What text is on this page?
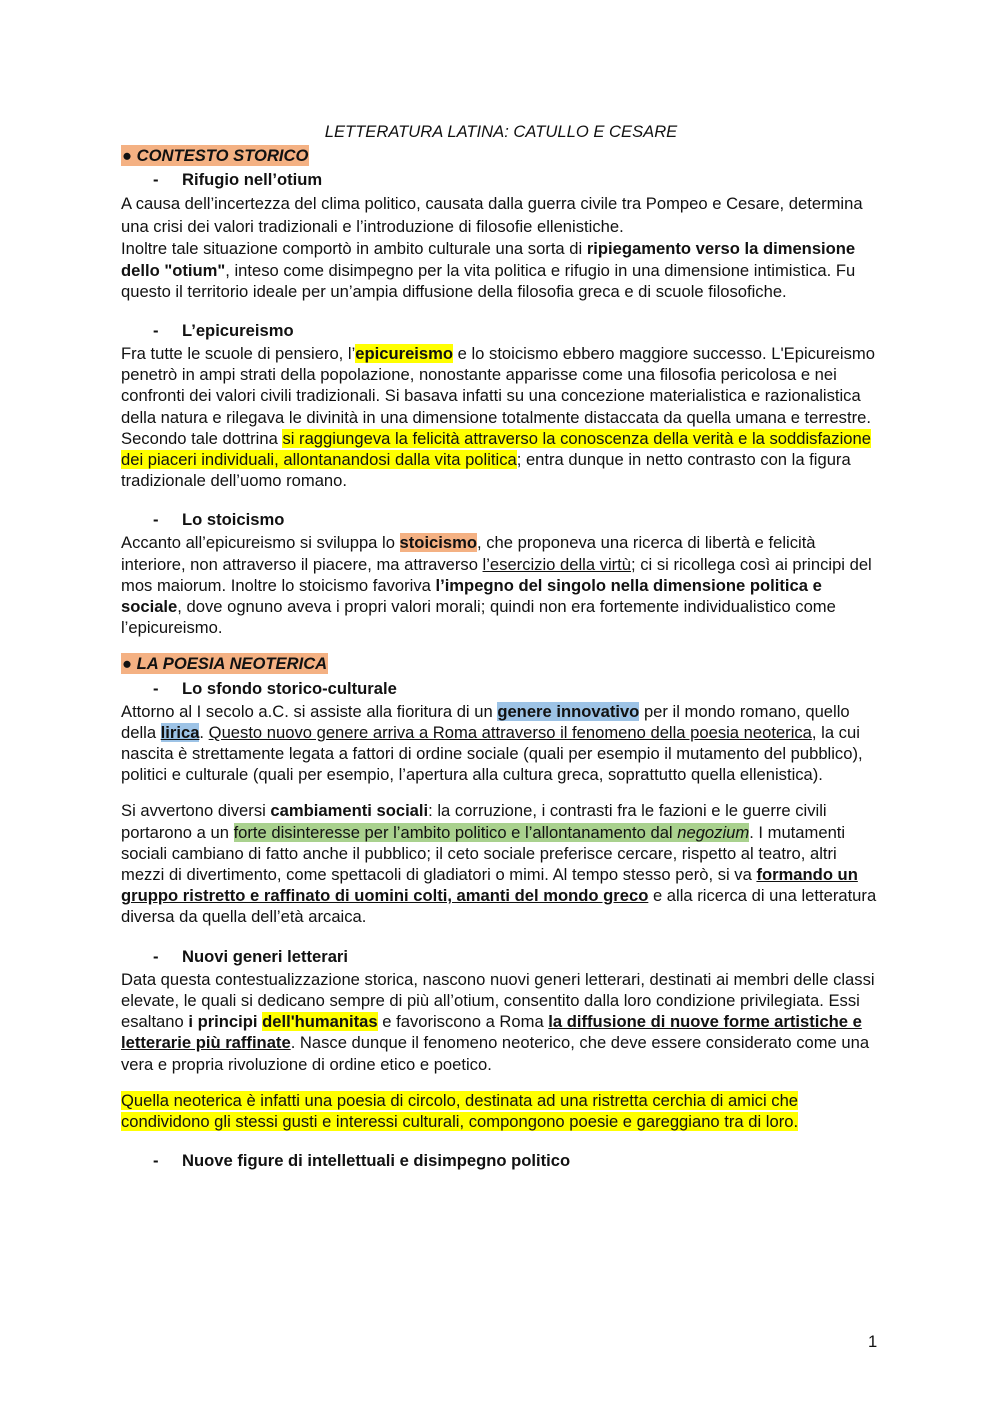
LETTERATURA LATINA: CATULLO E CESARE
● CONTESTO STORICO
- Rifugio nell’otium

A causa dell’incertezza del clima politico, causata dalla guerra civile tra Pompeo e Cesare, determina una crisi dei valori tradizionali e l’introduzione di filosofie ellenistiche.

Inoltre tale situazione comportò in ambito culturale una sorta di ripiegamento verso la dimensione dello "otium", inteso come disimpegno per la vita politica e rifugio in una dimensione intimistica. Fu questo il territorio ideale per un’ampia diffusione della filosofia greca e di scuole filosofiche.

- L’epicureismo

Fra tutte le scuole di pensiero, l’epicureismo e lo stoicismo ebbero maggiore successo. L'Epicureismo penetrò in ampi strati della popolazione, nonostante apparisse come una filosofia pericolosa e nei confronti dei valori civili tradizionali. Si basava infatti su una concezione materialistica e razionalistica della natura e rilegava le divinità in una dimensione totalmente distaccata da quella umana e terrestre. Secondo tale dottrina si raggiungeva la felicità attraverso la conoscenza della verità e la soddisfazione dei piaceri individuali, allontanandosi dalla vita politica; entra dunque in netto contrasto con la figura tradizionale dell’uomo romano.

- Lo stoicismo

Accanto all’epicureismo si sviluppa lo stoicismo, che proponeva una ricerca di libertà e felicità interiore, non attraverso il piacere, ma attraverso l’esercizio della virtù; ci si ricollega così ai principi del mos maiorum. Inoltre lo stoicismo favoriva l’impegno del singolo nella dimensione politica e sociale, dove ognuno aveva i propri valori morali; quindi non era fortemente individualistico come l’epicureismo.

● LA POESIA NEOTERICA
- Lo sfondo storico-culturale

Attorno al I secolo a.C. si assiste alla fioritura di un genere innovativo per il mondo romano, quello della lirica. Questo nuovo genere arriva a Roma attraverso il fenomeno della poesia neoterica, la cui nascita è strettamente legata a fattori di ordine sociale (quali per esempio il mutamento del pubblico), politici e culturale (quali per esempio, l’apertura alla cultura greca, soprattutto quella ellenistica).

Si avvertono diversi cambiamenti sociali: la corruzione, i contrasti fra le fazioni e le guerre civili portarono a un forte disinteresse per l’ambito politico e l’allontanamento dal negozium. I mutamenti sociali cambiano di fatto anche il pubblico; il ceto sociale preferisce cercare, rispetto al teatro, altri mezzi di divertimento, come spettacoli di gladiatori o mimi. Al tempo stesso però, si va formando un gruppo ristretto e raffinato di uomini colti, amanti del mondo greco e alla ricerca di una letteratura diversa da quella dell’età arcaica.

- Nuovi generi letterari

Data questa contestualizzazione storica, nascono nuovi generi letterari, destinati ai membri delle classi elevate, le quali si dedicano sempre di più all’otium, consentito dalla loro condizione privilegiata. Essi esaltano i principi dell'humanitas e favoriscono a Roma la diffusione di nuove forme artistiche e letterarie più raffinate. Nasce dunque il fenomeno neoterico, che deve essere considerato come una vera e propria rivoluzione di ordine etico e poetico.

Quella neoterica è infatti una poesia di circolo, destinata ad una ristretta cerchia di amici che condividono gli stessi gusti e interessi culturali, compongono poesie e gareggiano tra di loro.

- Nuove figure di intellettuali e disimpegno politico
1
